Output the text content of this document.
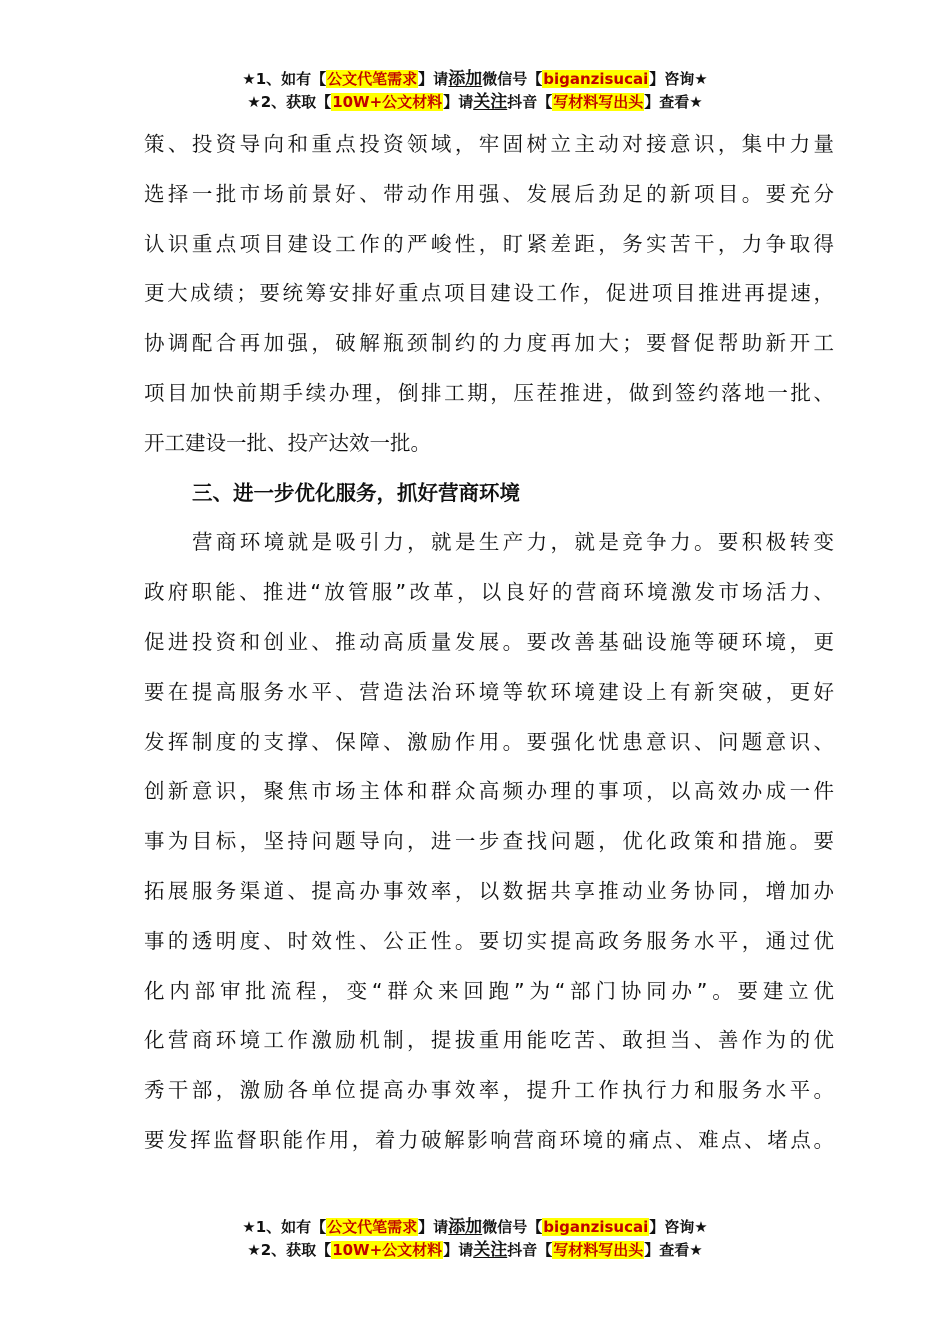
★1、如有【公文代笔需求】请添加微信号【biganzisucai】咨询★
★2、获取【10W+公文材料】请关注抖音【写材料写出头】查看★
策、投资导向和重点投资领域，牢固树立主动对接意识，集中力量
选择一批市场前景好、带动作用强、发展后劲足的新项目。要充分
认识重点项目建设工作的严峻性，盯紧差距，务实苦干，力争取得
更大成绩；要统筹安排好重点项目建设工作，促进项目推进再提速，
协调配合再加强，破解瓶颈制约的力度再加大；要督促帮助新开工
项目加快前期手续办理，倒排工期，压茬推进，做到签约落地一批、
开工建设一批、投产达效一批。
三、进一步优化服务，抓好营商环境
营商环境就是吸引力，就是生产力，就是竞争力。要积极转变
政府职能、推进“放管服”改革，以良好的营商环境激发市场活力、
促进投资和创业、推动高质量发展。要改善基础设施等硬环境，更
要在提高服务水平、营造法治环境等软环境建设上有新突破，更好
发挥制度的支撑、保障、激励作用。要强化忧患意识、问题意识、
创新意识，聚焦市场主体和群众高频办理的事项，以高效办成一件
事为目标，坚持问题导向，进一步查找问题，优化政策和措施。要
拓展服务渠道、提高办事效率，以数据共享推动业务协同，增加办
事的透明度、时效性、公正性。要切实提高政务服务水平，通过优
化内部审批流程，变“群众来回跑”为“部门协同办”。要建立优
化营商环境工作激励机制，提拔重用能吃苦、敢担当、善作为的优
秀干部，激励各单位提高办事效率，提升工作执行力和服务水平。
要发挥监督职能作用，着力破解影响营商环境的痛点、难点、堵点。
★1、如有【公文代笔需求】请添加微信号【biganzisucai】咨询★
★2、获取【10W+公文材料】请关注抖音【写材料写出头】查看★
